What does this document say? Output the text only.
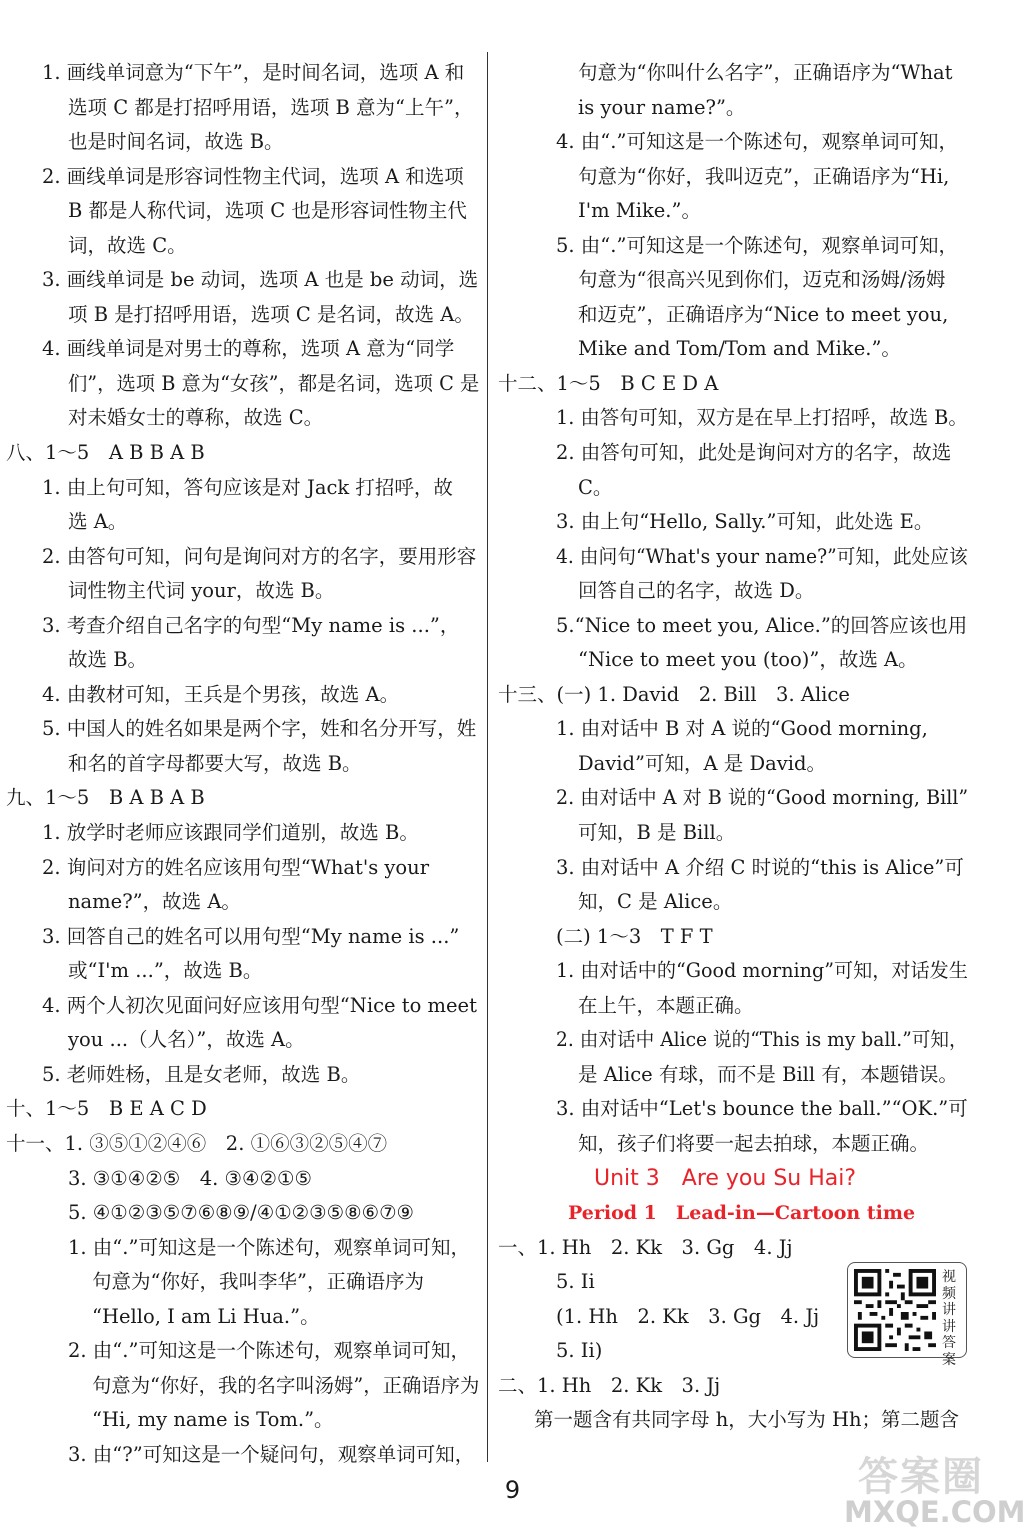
1. 画线单词意为“下午”，是时间名词，选项 A 和
选项 C 都是打招呼用语，选项 B 意为“上午”，
也是时间名词，故选 B。
2. 画线单词是形容词性物主代词，选项 A 和选项
B 都是人称代词，选项 C 也是形容词性物主代
词，故选 C。
3. 画线单词是 be 动词，选项 A 也是 be 动词，选
项 B 是打招呼用语，选项 C 是名词，故选 A。
4. 画线单词是对男士的尊称，选项 A 意为“同学
们”，选项 B 意为“女孩”，都是名词，选项 C 是
对未婚女士的尊称，故选 C。
八、1～5　A B B A B
1. 由上句可知，答句应该是对 Jack 打招呼，故
选 A。
2. 由答句可知，问句是询问对方的名字，要用形容
词性物主代词 your，故选 B。
3. 考查介绍自己名字的句型“My name is ...”，
故选 B。
4. 由教材可知，王兵是个男孩，故选 A。
5. 中国人的姓名如果是两个字，姓和名分开写，姓
和名的首字母都要大写，故选 B。
九、1～5　B A B A B
1. 放学时老师应该跟同学们道别，故选 B。
2. 询问对方的姓名应该用句型“What's your
name?”，故选 A。
3. 回答自己的姓名可以用句型“My name is ...”
或“I'm ...”，故选 B。
4. 两个人初次见面问好应该用句型“Nice to meet
you ...（人名）”，故选 A。
5. 老师姓杨，且是女老师，故选 B。
十、1～5　B E A C D
十一、1. ③⑤①②④⑥　2. ①⑥③②⑤④⑦
3. ③①④②⑤　4. ③④②①⑤
5. ④①②③⑤⑦⑥⑧⑨/④①②③⑤⑧⑥⑦⑨
1. 由“.”可知这是一个陈述句，观察单词可知，
句意为“你好，我叫李华”，正确语序为
“Hello, I am Li Hua.”。
2. 由“.”可知这是一个陈述句，观察单词可知，
句意为“你好，我的名字叫汤姆”，正确语序为
“Hi, my name is Tom.”。
3. 由“?”可知这是一个疑问句，观察单词可知，
句意为“你叫什么名字”，正确语序为“What
is your name?”。
4. 由“.”可知这是一个陈述句，观察单词可知，
句意为“你好，我叫迈克”，正确语序为“Hi,
I'm Mike.”。
5. 由“.”可知这是一个陈述句，观察单词可知，
句意为“很高兴见到你们，迈克和汤姆/汤姆
和迈克”，正确语序为“Nice to meet you,
Mike and Tom/Tom and Mike.”。
十二、1～5　B C E D A
1. 由答句可知，双方是在早上打招呼，故选 B。
2. 由答句可知，此处是询问对方的名字，故选
C。
3. 由上句“Hello, Sally.”可知，此处选 E。
4. 由问句“What's your name?”可知，此处应该
回答自己的名字，故选 D。
5.“Nice to meet you, Alice.”的回答应该也用
“Nice to meet you (too)”，故选 A。
十三、(一) 1. David　2. Bill　3. Alice
1. 由对话中 B 对 A 说的“Good morning,
David”可知，A 是 David。
2. 由对话中 A 对 B 说的“Good morning, Bill”
可知，B 是 Bill。
3. 由对话中 A 介绍 C 时说的“this is Alice”可
知，C 是 Alice。
(二) 1～3　T F T
1. 由对话中的“Good morning”可知，对话发生
在上午，本题正确。
2. 由对话中 Alice 说的“This is my ball.”可知，
是 Alice 有球，而不是 Bill 有，本题错误。
3. 由对话中“Let's bounce the ball.”“OK.”可
知，孩子们将要一起去拍球，本题正确。
Unit 3　Are you Su Hai?
Period 1　Lead-in—Cartoon time
一、1. Hh　2. Kk　3. Gg　4. Jj
5. Ii
(1. Hh　2. Kk　3. Gg　4. Jj
5. Ii)
二、1. Hh　2. Kk　3. Jj
第一题含有共同字母 h，大小写为 Hh；第二题含
视频讲讲答案
9	答案圈
MXQE.COM
